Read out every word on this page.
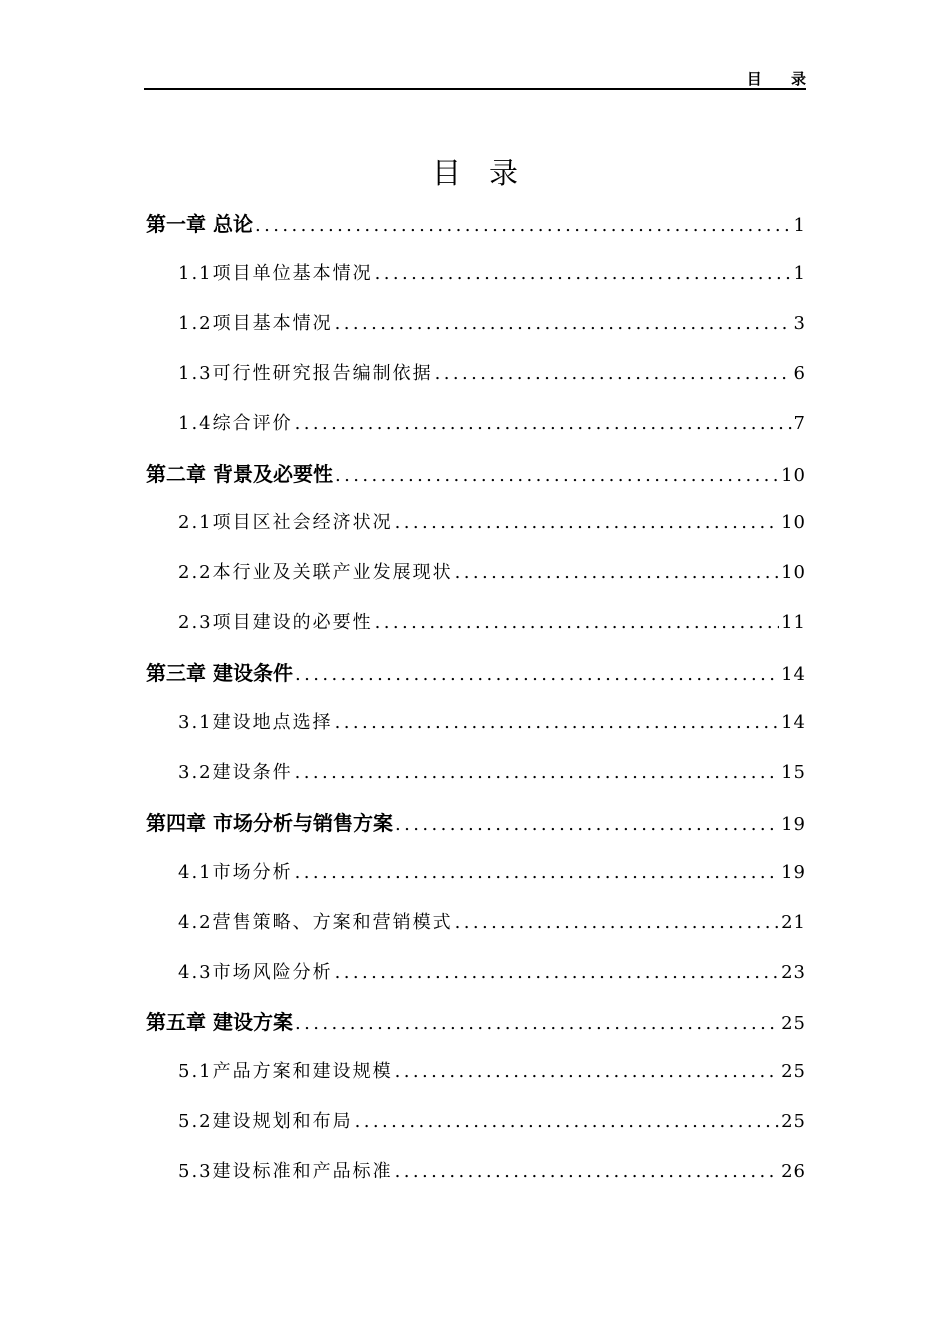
目 录
目录
第一章 总论 .....	1
1.1项目单位基本情况 .....	1
1.2项目基本情况 .....	3
1.3可行性研究报告编制依据 .....	6
1.4综合评价 .....	7
第二章 背景及必要性 .....	10
2.1项目区社会经济状况 .....	10
2.2本行业及关联产业发展现状 .....	10
2.3项目建设的必要性 .....	11
第三章 建设条件 .....	14
3.1建设地点选择 .....	14
3.2建设条件 .....	15
第四章 市场分析与销售方案 .....	19
4.1市场分析 .....	19
4.2营售策略、方案和营销模式 .....	21
4.3市场风险分析 .....	23
第五章 建设方案 .....	25
5.1产品方案和建设规模 .....	25
5.2建设规划和布局 .....	25
5.3建设标准和产品标准 .....	26
